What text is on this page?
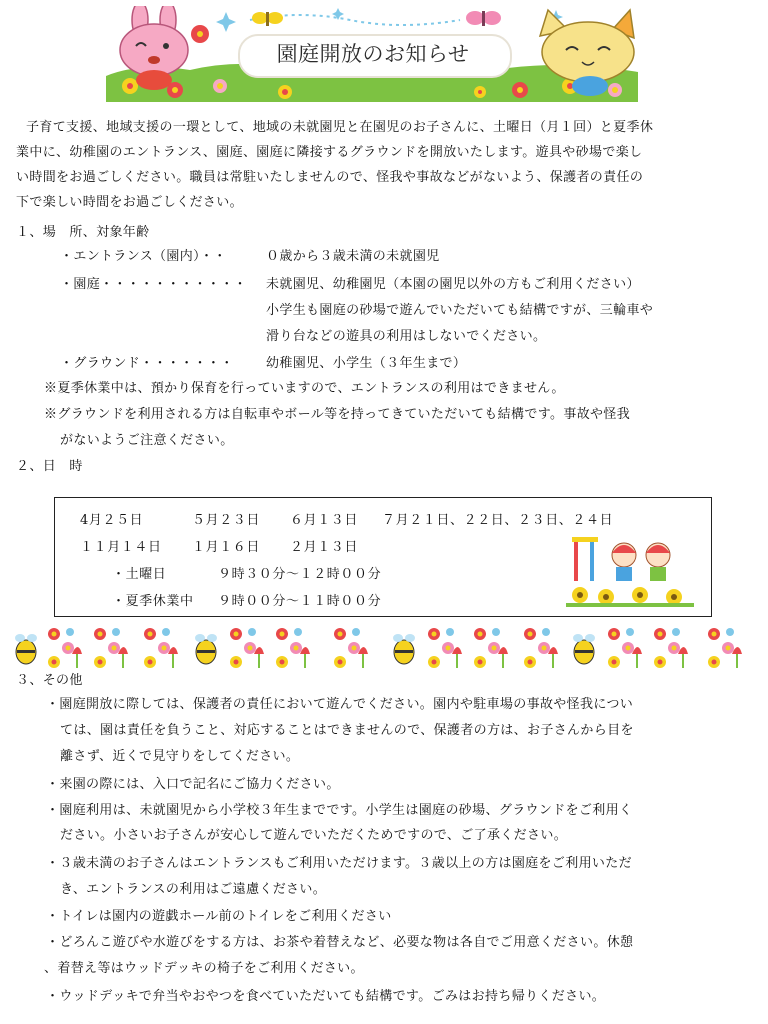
園庭開放のお知らせ
子育て支援、地域支援の一環として、地域の未就園児と在園児のお子さんに、土曜日（月１回）と夏季休
業中に、幼稚園のエントランス、園庭、園庭に隣接するグラウンドを開放いたします。遊具や砂場で楽し
い時間をお過ごしください。職員は常駐いたしませんので、怪我や事故などがないよう、保護者の責任の
下で楽しい時間をお過ごしください。
１、場　所、対象年齢
・エントランス（園内）・・	０歳から３歳未満の未就園児
・園庭・・・・・・・・・・・ 未就園児、幼稚園児（本園の園児以外の方もご利用ください）
小学生も園庭の砂場で遊んでいただいても結構ですが、三輪車や
滑り台などの遊具の利用はしないでください。
・グラウンド・・・・・・・ 幼稚園児、小学生（３年生まで）
※夏季休業中は、預かり保育を行っていますので、エントランスの利用はできません。
※グラウンドを利用される方は自転車やボール等を持ってきていただいても結構です。事故や怪我
がないようご注意ください。
２、日　時
4月２５日	５月２３日 ６月１３日 ７月２１日、２２日、２３日、２４日
１１月１４日 １月１６日 ２月１３日
・土曜日	９時３０分～１２時００分
・夏季休業中 ９時００分～１１時００分
３、その他
・園庭開放に際しては、保護者の責任において遊んでください。園内や駐車場の事故や怪我につい
ては、園は責任を負うこと、対応することはできませんので、保護者の方は、お子さんから目を
離さず、近くで見守りをしてください。
・来園の際には、入口で記名にご協力ください。
・園庭利用は、未就園児から小学校３年生までです。小学生は園庭の砂場、グラウンドをご利用く
ださい。小さいお子さんが安心して遊んでいただくためですので、ご了承ください。
・３歳未満のお子さんはエントランスもご利用いただけます。３歳以上の方は園庭をご利用いただ
き、エントランスの利用はご遠慮ください。
・トイレは園内の遊戯ホール前のトイレをご利用ください
・どろんこ遊びや水遊びをする方は、お茶や着替えなど、必要な物は各自でご用意ください。休憩
、着替え等はウッドデッキの椅子をご利用ください。
・ウッドデッキで弁当やおやつを食べていただいても結構です。ごみはお持ち帰りください。
